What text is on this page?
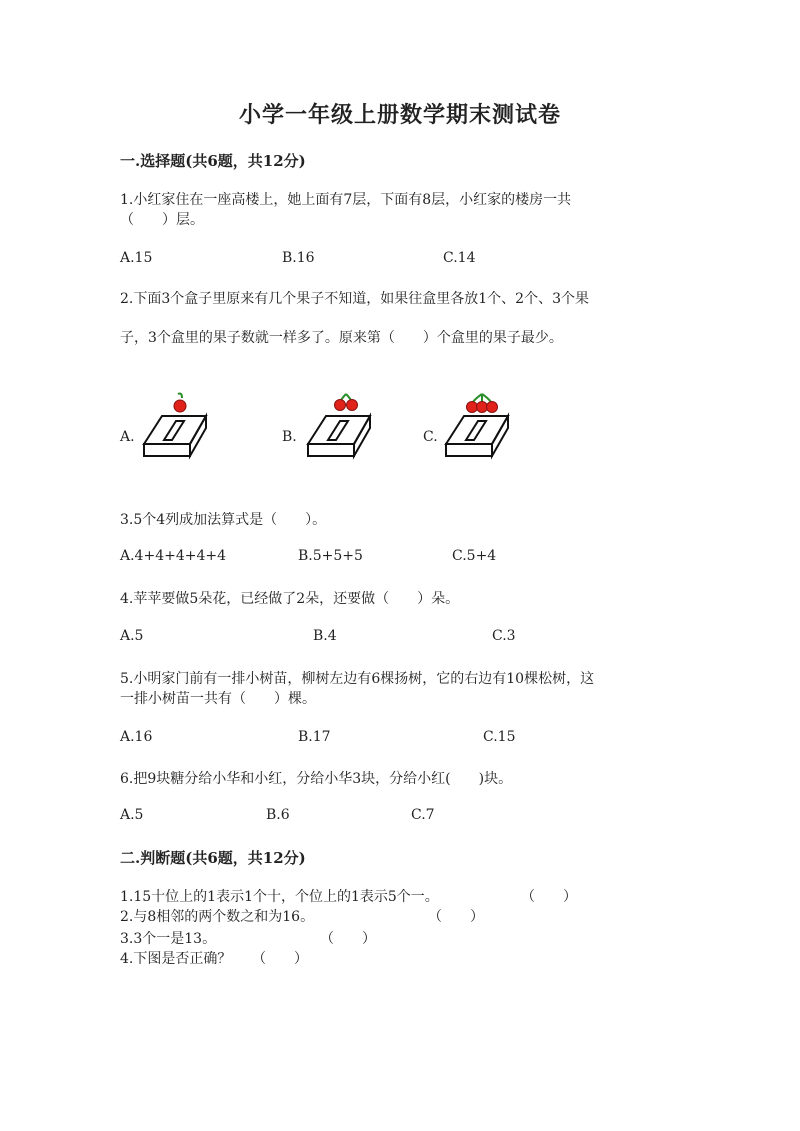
小学一年级上册数学期末测试卷
一.选择题(共6题，共12分)
1.小红家住在一座高楼上，她上面有7层，下面有8层，小红家的楼房一共
（　　）层。
A.15	B.16	C.14
2.下面3个盒子里原来有几个果子不知道，如果往盒里各放1个、2个、3个果
子，3个盒里的果子数就一样多了。原来第（　　）个盒里的果子最少。
A.	B.	C.
3.5个4列成加法算式是（　　）。
A.4+4+4+4+4	B.5+5+5	C.5+4
4.苹苹要做5朵花，已经做了2朵，还要做（　　）朵。
A.5	B.4	C.3
5.小明家门前有一排小树苗，柳树左边有6棵扬树，它的右边有10棵松树，这
一排小树苗一共有（　　）棵。
A.16	B.17	C.15
6.把9块糖分给小华和小红，分给小华3块，分给小红(　　)块。
A.5	B.6	C.7
二.判断题(共6题，共12分)
1.15十位上的1表示1个十，个位上的1表示5个一。	（　　）
2.与8相邻的两个数之和为16。	（　　）
3.3个一是13。	（　　）
4.下图是否正确？ （　　）
